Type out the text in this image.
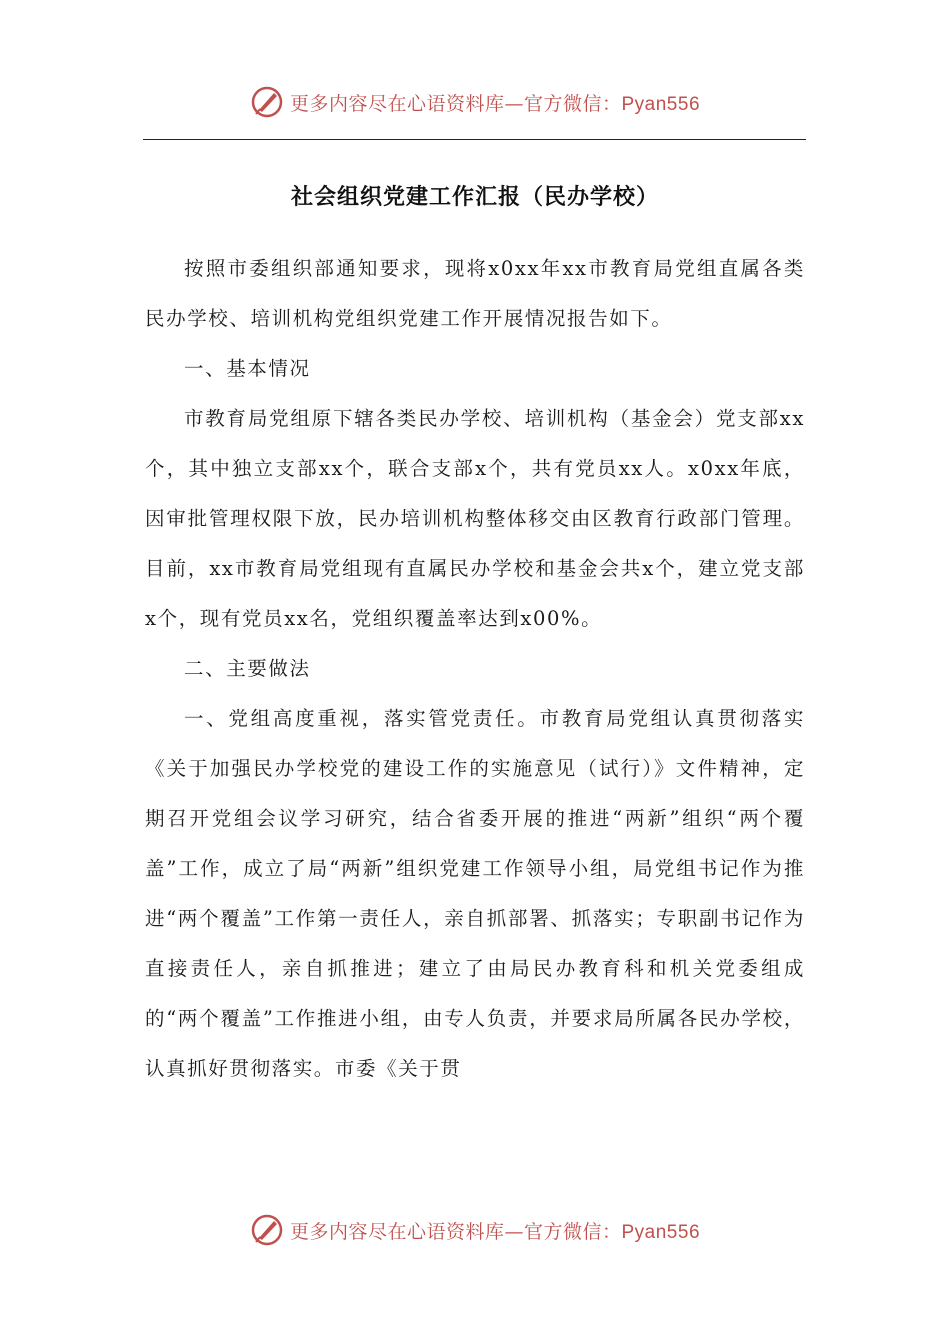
更多内容尽在心语资料库—官方微信：Pyan556
社会组织党建工作汇报（民办学校）

按照市委组织部通知要求，现将x0xx年xx市教育局党组直属各类民办学校、培训机构党组织党建工作开展情况报告如下。

一、基本情况

市教育局党组原下辖各类民办学校、培训机构（基金会）党支部xx个，其中独立支部xx个，联合支部x个，共有党员xx人。x0xx年底，因审批管理权限下放，民办培训机构整体移交由区教育行政部门管理。目前，xx市教育局党组现有直属民办学校和基金会共x个，建立党支部x个，现有党员xx名，党组织覆盖率达到x00%。

二、主要做法

一、党组高度重视，落实管党责任。市教育局党组认真贯彻落实《关于加强民办学校党的建设工作的实施意见（试行）》文件精神，定期召开党组会议学习研究，结合省委开展的推进“两新”组织“两个覆盖”工作，成立了局“两新”组织党建工作领导小组，局党组书记作为推进“两个覆盖”工作第一责任人，亲自抓部署、抓落实；专职副书记作为直接责任人，亲自抓推进；建立了由局民办教育科和机关党委组成的“两个覆盖”工作推进小组，由专人负责，并要求局所属各民办学校，认真抓好贯彻落实。市委《关于贯

更多内容尽在心语资料库—官方微信：Pyan556
